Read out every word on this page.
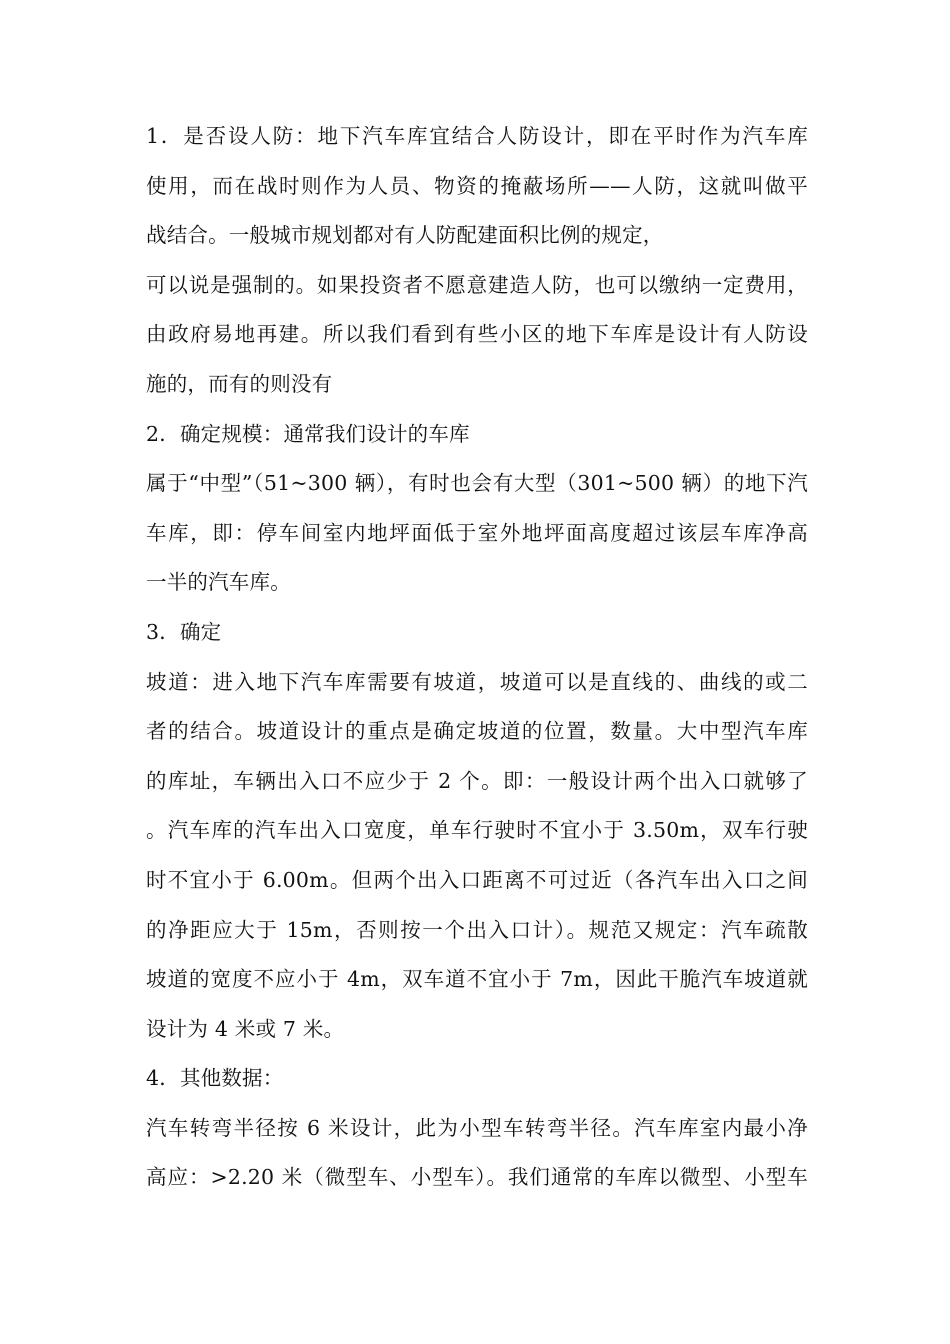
1．是否设人防：地下汽车库宜结合人防设计，即在平时作为汽车库
使用，而在战时则作为人员、物资的掩蔽场所——人防，这就叫做平
战结合。一般城市规划都对有人防配建面积比例的规定，
可以说是强制的。如果投资者不愿意建造人防，也可以缴纳一定费用，
由政府易地再建。所以我们看到有些小区的地下车库是设计有人防设
施的，而有的则没有
2．确定规模：通常我们设计的车库
属于“中型”（51~300 辆），有时也会有大型（301~500 辆）的地下汽
车库，即：停车间室内地坪面低于室外地坪面高度超过该层车库净高
一半的汽车库。
3．确定
坡道：进入地下汽车库需要有坡道，坡道可以是直线的、曲线的或二
者的结合。坡道设计的重点是确定坡道的位置，数量。大中型汽车库
的库址，车辆出入口不应少于 2 个。即：一般设计两个出入口就够了
。汽车库的汽车出入口宽度，单车行驶时不宜小于 3.50m，双车行驶
时不宜小于 6.00m。但两个出入口距离不可过近（各汽车出入口之间
的净距应大于 15m，否则按一个出入口计）。规范又规定：汽车疏散
坡道的宽度不应小于 4m，双车道不宜小于 7m，因此干脆汽车坡道就
设计为 4 米或 7 米。
4．其他数据：
汽车转弯半径按 6 米设计，此为小型车转弯半径。汽车库室内最小净
高应：>2.20 米（微型车、小型车）。我们通常的车库以微型、小型车
